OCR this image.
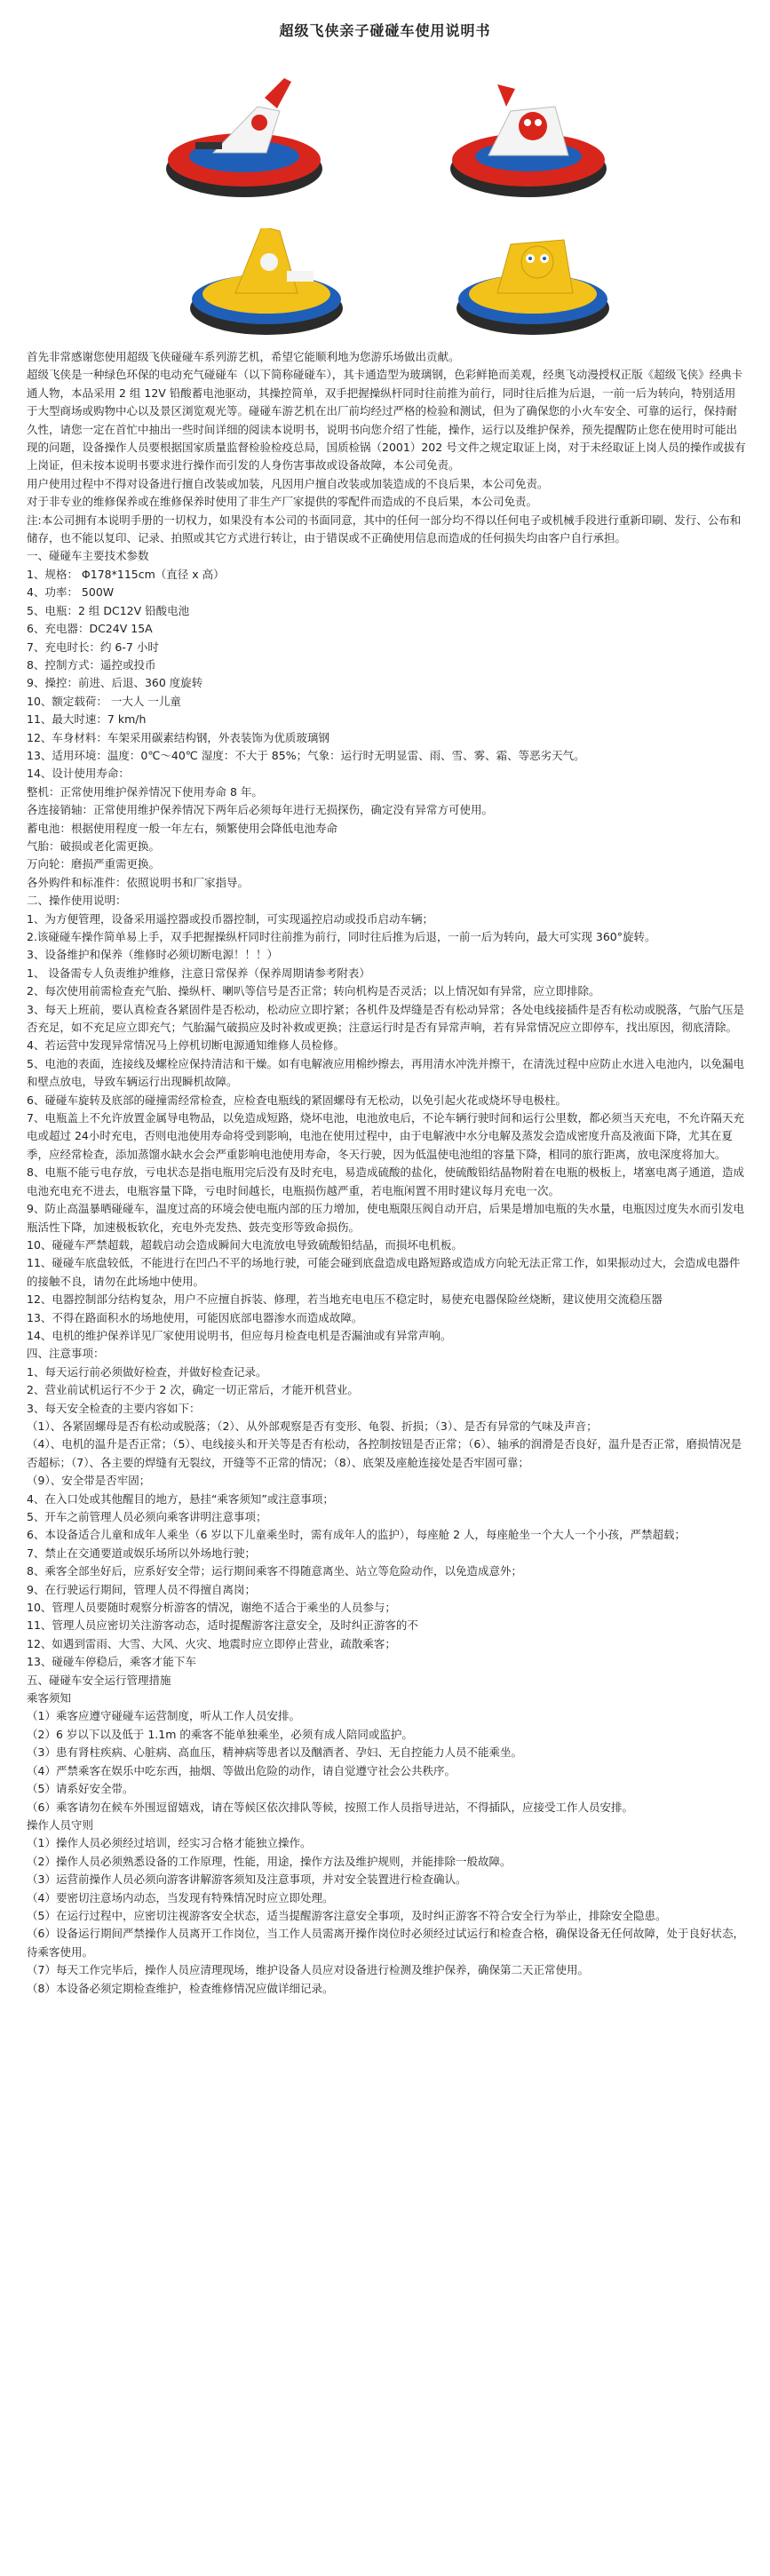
超级飞侠亲子碰碰车使用说明书

首先非常感谢您使用超级飞侠碰碰车系列游艺机，希望它能顺利地为您游乐场做出贡献。

超级飞侠是一种绿色环保的电动充气碰碰车（以下简称碰碰车），其卡通造型为玻璃钢，色彩鲜艳而美观，经奥飞动漫授权正版《超级飞侠》经典卡通人物，本品采用 2 组 12V 铅酸蓄电池驱动，其操控简单，双手把握操纵杆同时往前推为前行，同时往后推为后退，一前一后为转向，特别适用于大型商场或购物中心以及景区浏览观光等。碰碰车游艺机在出厂前均经过严格的检验和测试，但为了确保您的小火车安全、可靠的运行，保持耐久性，请您一定在首忙中抽出一些时间详细的阅读本说明书，说明书向您介绍了性能，操作，运行以及维护保养，预先提醒防止您在使用时可能出现的问题，设备操作人员要根据国家质量监督检验检疫总局，国质检锅（2001）202 号文件之规定取证上岗，对于未经取证上岗人员的操作或拔有上岗证，但未按本说明书要求进行操作而引发的人身伤害事故或设备故障，本公司免责。

用户使用过程中不得对设备进行擅自改装或加装，凡因用户擅自改装或加装造成的不良后果，本公司免责。

对于非专业的维修保养或在维修保养时使用了非生产厂家提供的零配件而造成的不良后果，本公司免责。

注:本公司拥有本说明手册的一切权力，如果没有本公司的书面同意，其中的任何一部分均不得以任何电子或机械手段进行重新印刷、发行、公布和储存，也不能以复印、记录、拍照或其它方式进行转让，由于错误或不正确使用信息而造成的任何损失均由客户自行承担。

一、碰碰车主要技术参数

1、规格： Φ178*115cm（直径 x 高）

4、功率： 500W

5、电瓶：2 组 DC12V 铅酸电池

6、充电器：DC24V 15A

7、充电时长：约 6-7 小时

8、控制方式：遥控或投币

9、操控：前进、后退、360 度旋转

10、额定载荷： 一大人 一儿童

11、最大时速：7 km/h

12、车身材料：车架采用碳素结构钢，外表装饰为优质玻璃钢

13、适用环境：温度：0℃～40℃ 湿度：不大于 85%；气象：运行时无明显雷、雨、雪、雾、霜、等恶劣天气。

14、设计使用寿命：

整机：正常使用维护保养情况下使用寿命 8 年。

各连接销轴：正常使用维护保养情况下两年后必须每年进行无损探伤，确定没有异常方可使用。

蓄电池：根据使用程度一般一年左右，频繁使用会降低电池寿命

气胎：破损或老化需更换。

万向轮：磨损严重需更换。

各外购件和标准件：依照说明书和厂家指导。

二、操作使用说明：

1、为方便管理，设备采用遥控器或投币器控制，可实现遥控启动或投币启动车辆；

2.该碰碰车操作简单易上手，双手把握操纵杆同时往前推为前行，同时往后推为后退，一前一后为转向，最大可实现 360°旋转。

3、设备维护和保养（维修时必须切断电源！！！）

1、 设备需专人负责维护维修，注意日常保养（保养周期请参考附表）

2、每次使用前需检查充气胎、操纵杆、喇叭等信号是否正常；转向机构是否灵活；以上情况如有异常，应立即排除。

3、每天上班前，要认真检查各紧固件是否松动，松动应立即拧紧；各机件及焊缝是否有松动异常；各处电线接插件是否有松动或脱落，气胎气压是否充足，如不充足应立即充气；气胎漏气破损应及时补救或更换；注意运行时是否有异常声响，若有异常情况应立即停车，找出原因，彻底清除。

4、若运营中发现异常情况马上停机切断电源通知维修人员检修。

5、电池的表面，连接线及螺栓应保持清洁和干燥。如有电解液应用棉纱擦去，再用清水冲洗并擦干，在清洗过程中应防止水进入电池内，以免漏电和壁点放电，导致车辆运行出现瞬机故障。

6、碰碰车旋转及底部的碰撞需经常检查，应检查电瓶线的紧固螺母有无松动，以免引起火花或烧坏导电极柱。

7、电瓶盖上不允许放置金属导电物品，以免造成短路，烧坏电池，电池放电后，不论车辆行驶时间和运行公里数，都必须当天充电，不允许隔天充电或超过 24小时充电，否则电池使用寿命将受到影响，电池在使用过程中，由于电解液中水分电解及蒸发会造成密度升高及液面下降，尤其在夏季，应经常检查，添加蒸馏水缺水会会严重影响电池使用寿命，冬天行驶，因为低温使电池组的容量下降，相同的旅行距离，放电深度将加大。

8、电瓶不能亏电存放，亏电状态是指电瓶用完后没有及时充电，易造成硫酸的盐化，使硫酸铅结晶物附着在电瓶的极板上，堵塞电离子通道，造成电池充电充不进去，电瓶容量下降，亏电时间越长，电瓶损伤越严重，若电瓶闲置不用时建议每月充电一次。

9、防止高温暴晒碰碰车，温度过高的环境会使电瓶内部的压力增加，使电瓶限压阀自动开启，后果是增加电瓶的失水量，电瓶因过度失水而引发电瓶活性下降，加速极板软化，充电外壳发热、鼓壳变形等致命损伤。

10、碰碰车严禁超载，超载启动会造成瞬间大电流放电导致硫酸铅结晶，而损坏电机板。

11、碰碰车底盘较低，不能进行在凹凸不平的场地行驶，可能会碰到底盘造成电路短路或造成方向轮无法正常工作，如果振动过大，会造成电器件的接触不良，请勿在此场地中使用。

12、电器控制部分结构复杂，用户不应擅自拆装、修理，若当地充电电压不稳定时，易使充电器保险丝烧断，建议使用交流稳压器

13、不得在路面积水的场地使用，可能因底部电器渗水而造成故障。

14、电机的维护保养详见厂家使用说明书，但应每月检查电机是否漏油或有异常声响。

四、注意事项：

1、每天运行前必须做好检查，并做好检查记录。

2、营业前试机运行不少于 2 次，确定一切正常后，才能开机营业。

3、每天安全检查的主要内容如下：

（1）、各紧固螺母是否有松动或脱落；（2）、从外部观察是否有变形、龟裂、折损；（3）、是否有异常的气味及声音；

（4）、电机的温升是否正常；（5）、电线接头和开关等是否有松动，各控制按钮是否正常；（6）、轴承的润滑是否良好，温升是否正常，磨损情况是否超标；（7）、各主要的焊缝有无裂纹，开缝等不正常的情况；（8）、底架及座舱连接处是否牢固可靠；

（9）、安全带是否牢固；

4、在入口处或其他醒目的地方，悬挂“乘客须知”或注意事项；

5、开车之前管理人员必须向乘客讲明注意事项；

6、本设备适合儿童和成年人乘坐（6 岁以下儿童乘坐时，需有成年人的监护），每座舱 2 人，每座舱坐一个大人一个小孩，严禁超载；

7、禁止在交通要道或娱乐场所以外场地行驶；

8、乘客全部坐好后，应系好安全带；运行期间乘客不得随意离坐、站立等危险动作，以免造成意外；

9、在行驶运行期间，管理人员不得擅自离岗；

10、管理人员要随时观察分析游客的情况，谢绝不适合于乘坐的人员参与；

11、管理人员应密切关注游客动态，适时提醒游客注意安全，及时纠正游客的不

12、如遇到雷雨、大雪、大风、火灾、地震时应立即停止营业，疏散乘客；

13、碰碰车停稳后，乘客才能下车

五、碰碰车安全运行管理措施

乘客须知

（1）乘客应遵守碰碰车运营制度，听从工作人员安排。

（2）6 岁以下以及低于 1.1m 的乘客不能单独乘坐，必须有成人陪同或监护。

（3）患有肾柱疾病、心脏病、高血压，精神病等患者以及酗酒者、孕妇、无自控能力人员不能乘坐。

（4）严禁乘客在娱乐中吃东西，抽烟、等做出危险的动作，请自觉遵守社会公共秩序。

（5）请系好安全带。

（6）乘客请勿在候车外围逗留嬉戏，请在等候区依次排队等候，按照工作人员指导进站，不得插队，应接受工作人员安排。

操作人员守则

（1）操作人员必须经过培训，经实习合格才能独立操作。

（2）操作人员必须熟悉设备的工作原理，性能，用途，操作方法及维护规则，并能排除一般故障。

（3）运营前操作人员必须向游客讲解游客须知及注意事项，并对安全装置进行检查确认。

（4）要密切注意场内动态，当发现有特殊情况时应立即处理。

（5）在运行过程中，应密切注视游客安全状态，适当提醒游客注意安全事项，及时纠正游客不符合安全行为举止，排除安全隐患。

（6）设备运行期间严禁操作人员离开工作岗位，当工作人员需离开操作岗位时必须经过试运行和检查合格，确保设备无任何故障，处于良好状态，待乘客使用。

（7）每天工作完毕后，操作人员应清理现场，维护设备人员应对设备进行检测及维护保养，确保第二天正常使用。

（8）本设备必须定期检查维护，检查维修情况应做详细记录。
